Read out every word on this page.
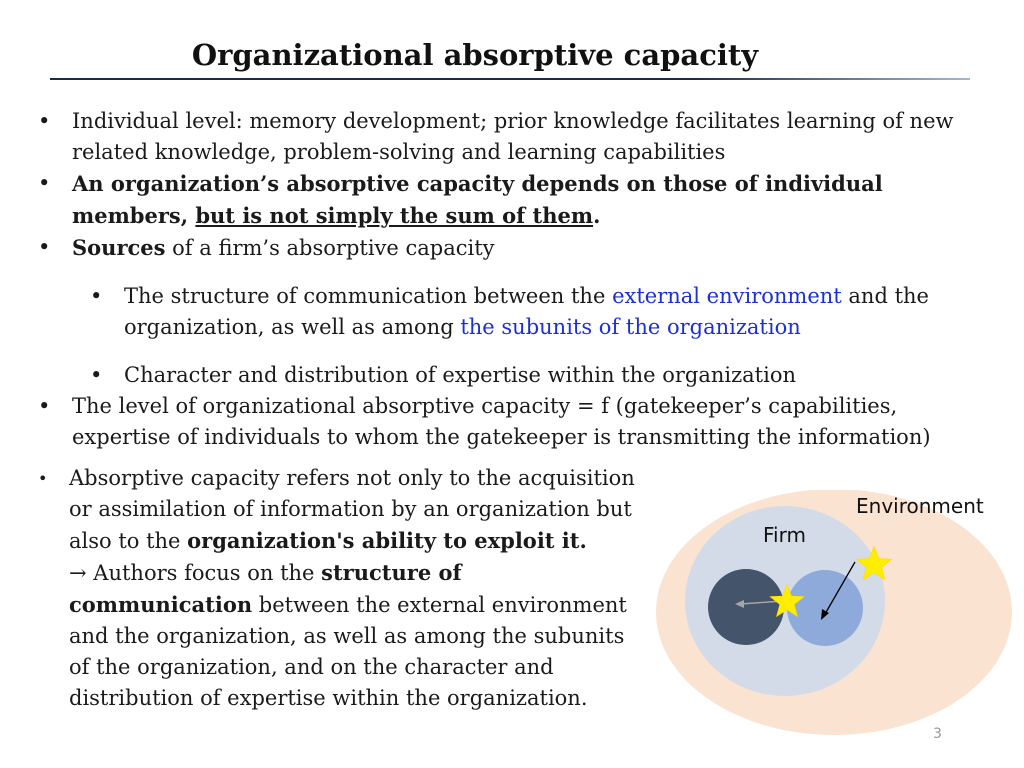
Organizational absorptive capacity
• Individual level: memory development; prior knowledge facilitates learning of new related knowledge, problem-solving and learning capabilities
• An organization’s absorptive capacity depends on those of individual members, but is not simply the sum of them.
• Sources of a firm’s absorptive capacity
• The structure of communication between the external environment and the organization, as well as among the subunits of the organization
• Character and distribution of expertise within the organization
• The level of organizational absorptive capacity = f (gatekeeper’s capabilities, expertise of individuals to whom the gatekeeper is transmitting the information)
• Absorptive capacity refers not only to the acquisition or assimilation of information by an organization but also to the organization's ability to exploit it.
→ Authors focus on the structure of
communication between the external environment and the organization, as well as among the subunits of the organization, and on the character and distribution of expertise within the organization.
Environment
Firm
3
